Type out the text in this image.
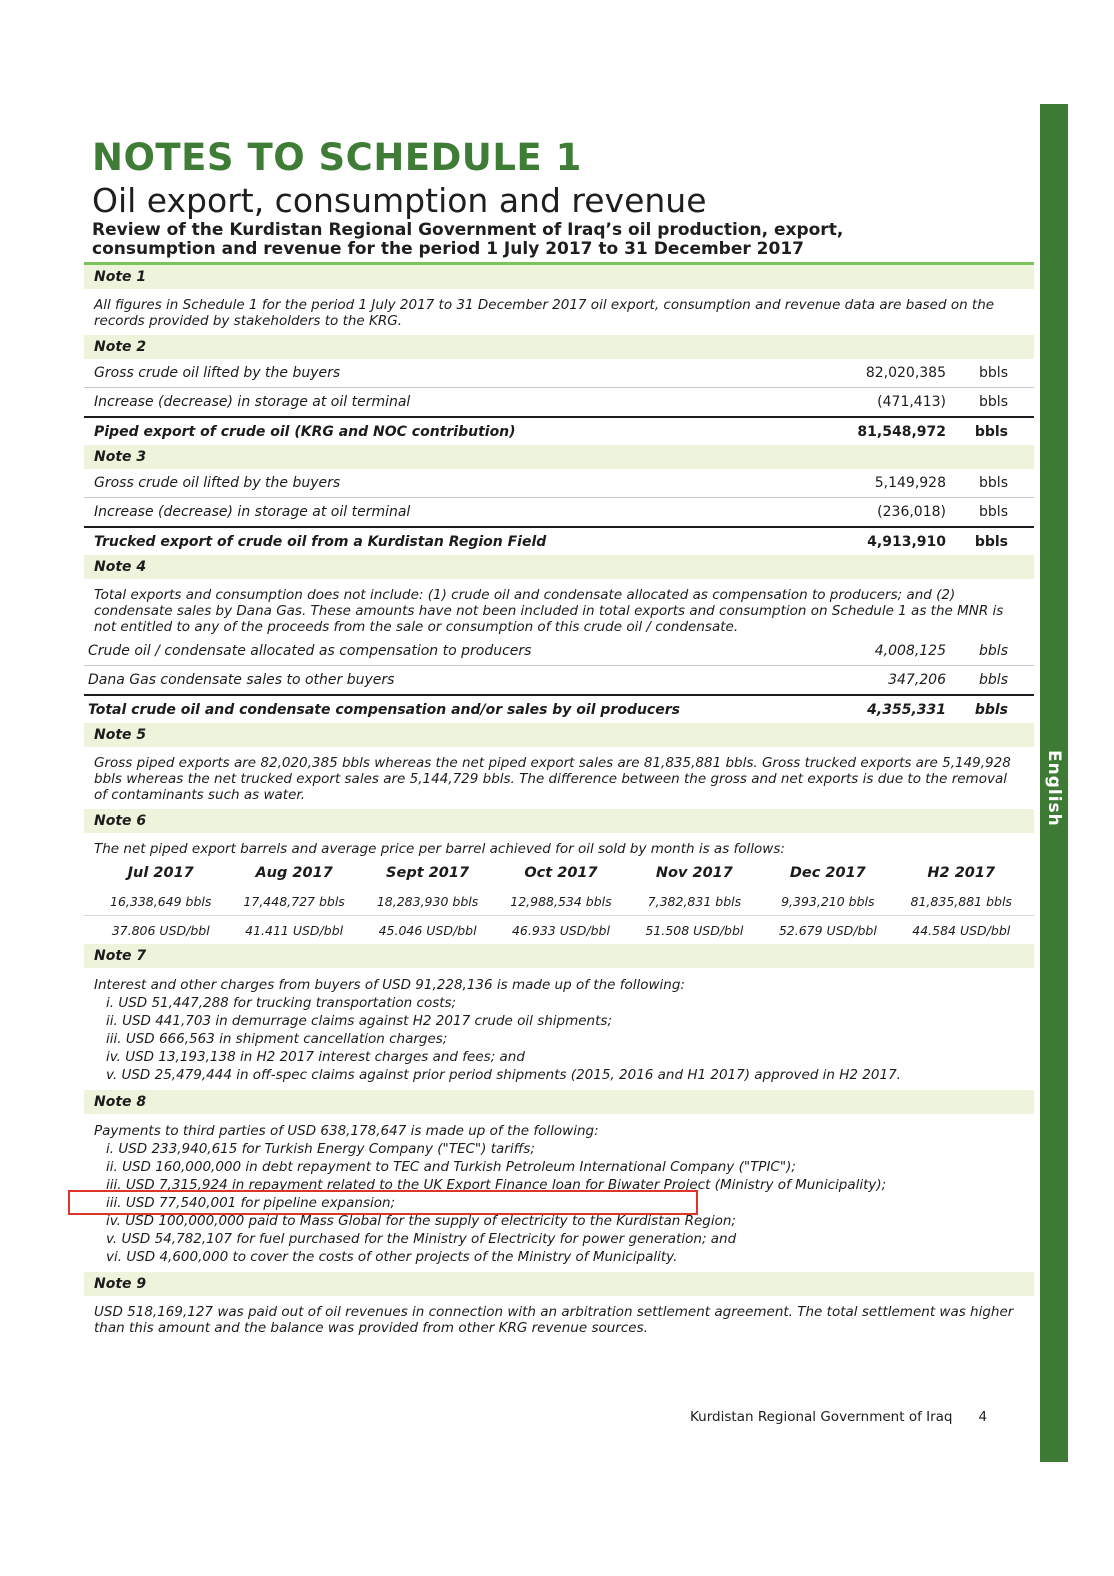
English
NOTES TO SCHEDULE 1
Oil export, consumption and revenue
Review of the Kurdistan Regional Government of Iraq’s oil production, export,
consumption and revenue for the period 1 July 2017 to 31 December 2017
Note 1
All figures in Schedule 1 for the period 1 July 2017 to 31 December 2017 oil export, consumption and revenue data are based on the records provided by stakeholders to the KRG.
Note 2
Gross crude oil lifted by the buyers	82,020,385 bbls
Increase (decrease) in storage at oil terminal	(471,413) bbls
Piped export of crude oil (KRG and NOC contribution)	81,548,972 bbls
Note 3
Gross crude oil lifted by the buyers	5,149,928 bbls
Increase (decrease) in storage at oil terminal	(236,018) bbls
Trucked export of crude oil from a Kurdistan Region Field	4,913,910 bbls
Note 4
Total exports and consumption does not include: (1) crude oil and condensate allocated as compensation to producers; and (2) condensate sales by Dana Gas. These amounts have not been included in total exports and consumption on Schedule 1 as the MNR is not entitled to any of the proceeds from the sale or consumption of this crude oil / condensate.
Crude oil / condensate allocated as compensation to producers	4,008,125 bbls
Dana Gas condensate sales to other buyers	347,206 bbls
Total crude oil and condensate compensation and/or sales by oil producers	4,355,331 bbls
Note 5
Gross piped exports are 82,020,385 bbls whereas the net piped export sales are 81,835,881 bbls. Gross trucked exports are 5,149,928 bbls whereas the net trucked export sales are 5,144,729 bbls. The difference between the gross and net exports is due to the removal of contaminants such as water.
Note 6
The net piped export barrels and average price per barrel achieved for oil sold by month is as follows:
Jul 2017	Aug 2017	Sept 2017	Oct 2017	Nov 2017	Dec 2017	H2 2017
16,338,649 bbls	17,448,727 bbls	18,283,930 bbls	12,988,534 bbls	7,382,831 bbls	9,393,210 bbls	81,835,881 bbls
37.806 USD/bbl	41.411 USD/bbl	45.046 USD/bbl	46.933 USD/bbl	51.508 USD/bbl	52.679 USD/bbl	44.584 USD/bbl
Note 7
Interest and other charges from buyers of USD 91,228,136 is made up of the following:
i. USD 51,447,288 for trucking transportation costs;
ii. USD 441,703 in demurrage claims against H2 2017 crude oil shipments;
iii. USD 666,563 in shipment cancellation charges;
iv. USD 13,193,138 in H2 2017 interest charges and fees; and
v. USD 25,479,444 in off-spec claims against prior period shipments (2015, 2016 and H1 2017) approved in H2 2017.
Note 8
Payments to third parties of USD 638,178,647 is made up of the following:
i. USD 233,940,615 for Turkish Energy Company ("TEC") tariffs;
ii. USD 160,000,000 in debt repayment to TEC and Turkish Petroleum International Company ("TPIC");
iii. USD 7,315,924 in repayment related to the UK Export Finance loan for Biwater Project (Ministry of Municipality);
iii. USD 77,540,001 for pipeline expansion;
iv. USD 100,000,000 paid to Mass Global for the supply of electricity to the Kurdistan Region;
v. USD 54,782,107 for fuel purchased for the Ministry of Electricity for power generation; and
vi. USD 4,600,000 to cover the costs of other projects of the Ministry of Municipality.
Note 9
USD 518,169,127 was paid out of oil revenues in connection with an arbitration settlement agreement. The total settlement was higher than this amount and the balance was provided from other KRG revenue sources.
Kurdistan Regional Government of Iraq 4
